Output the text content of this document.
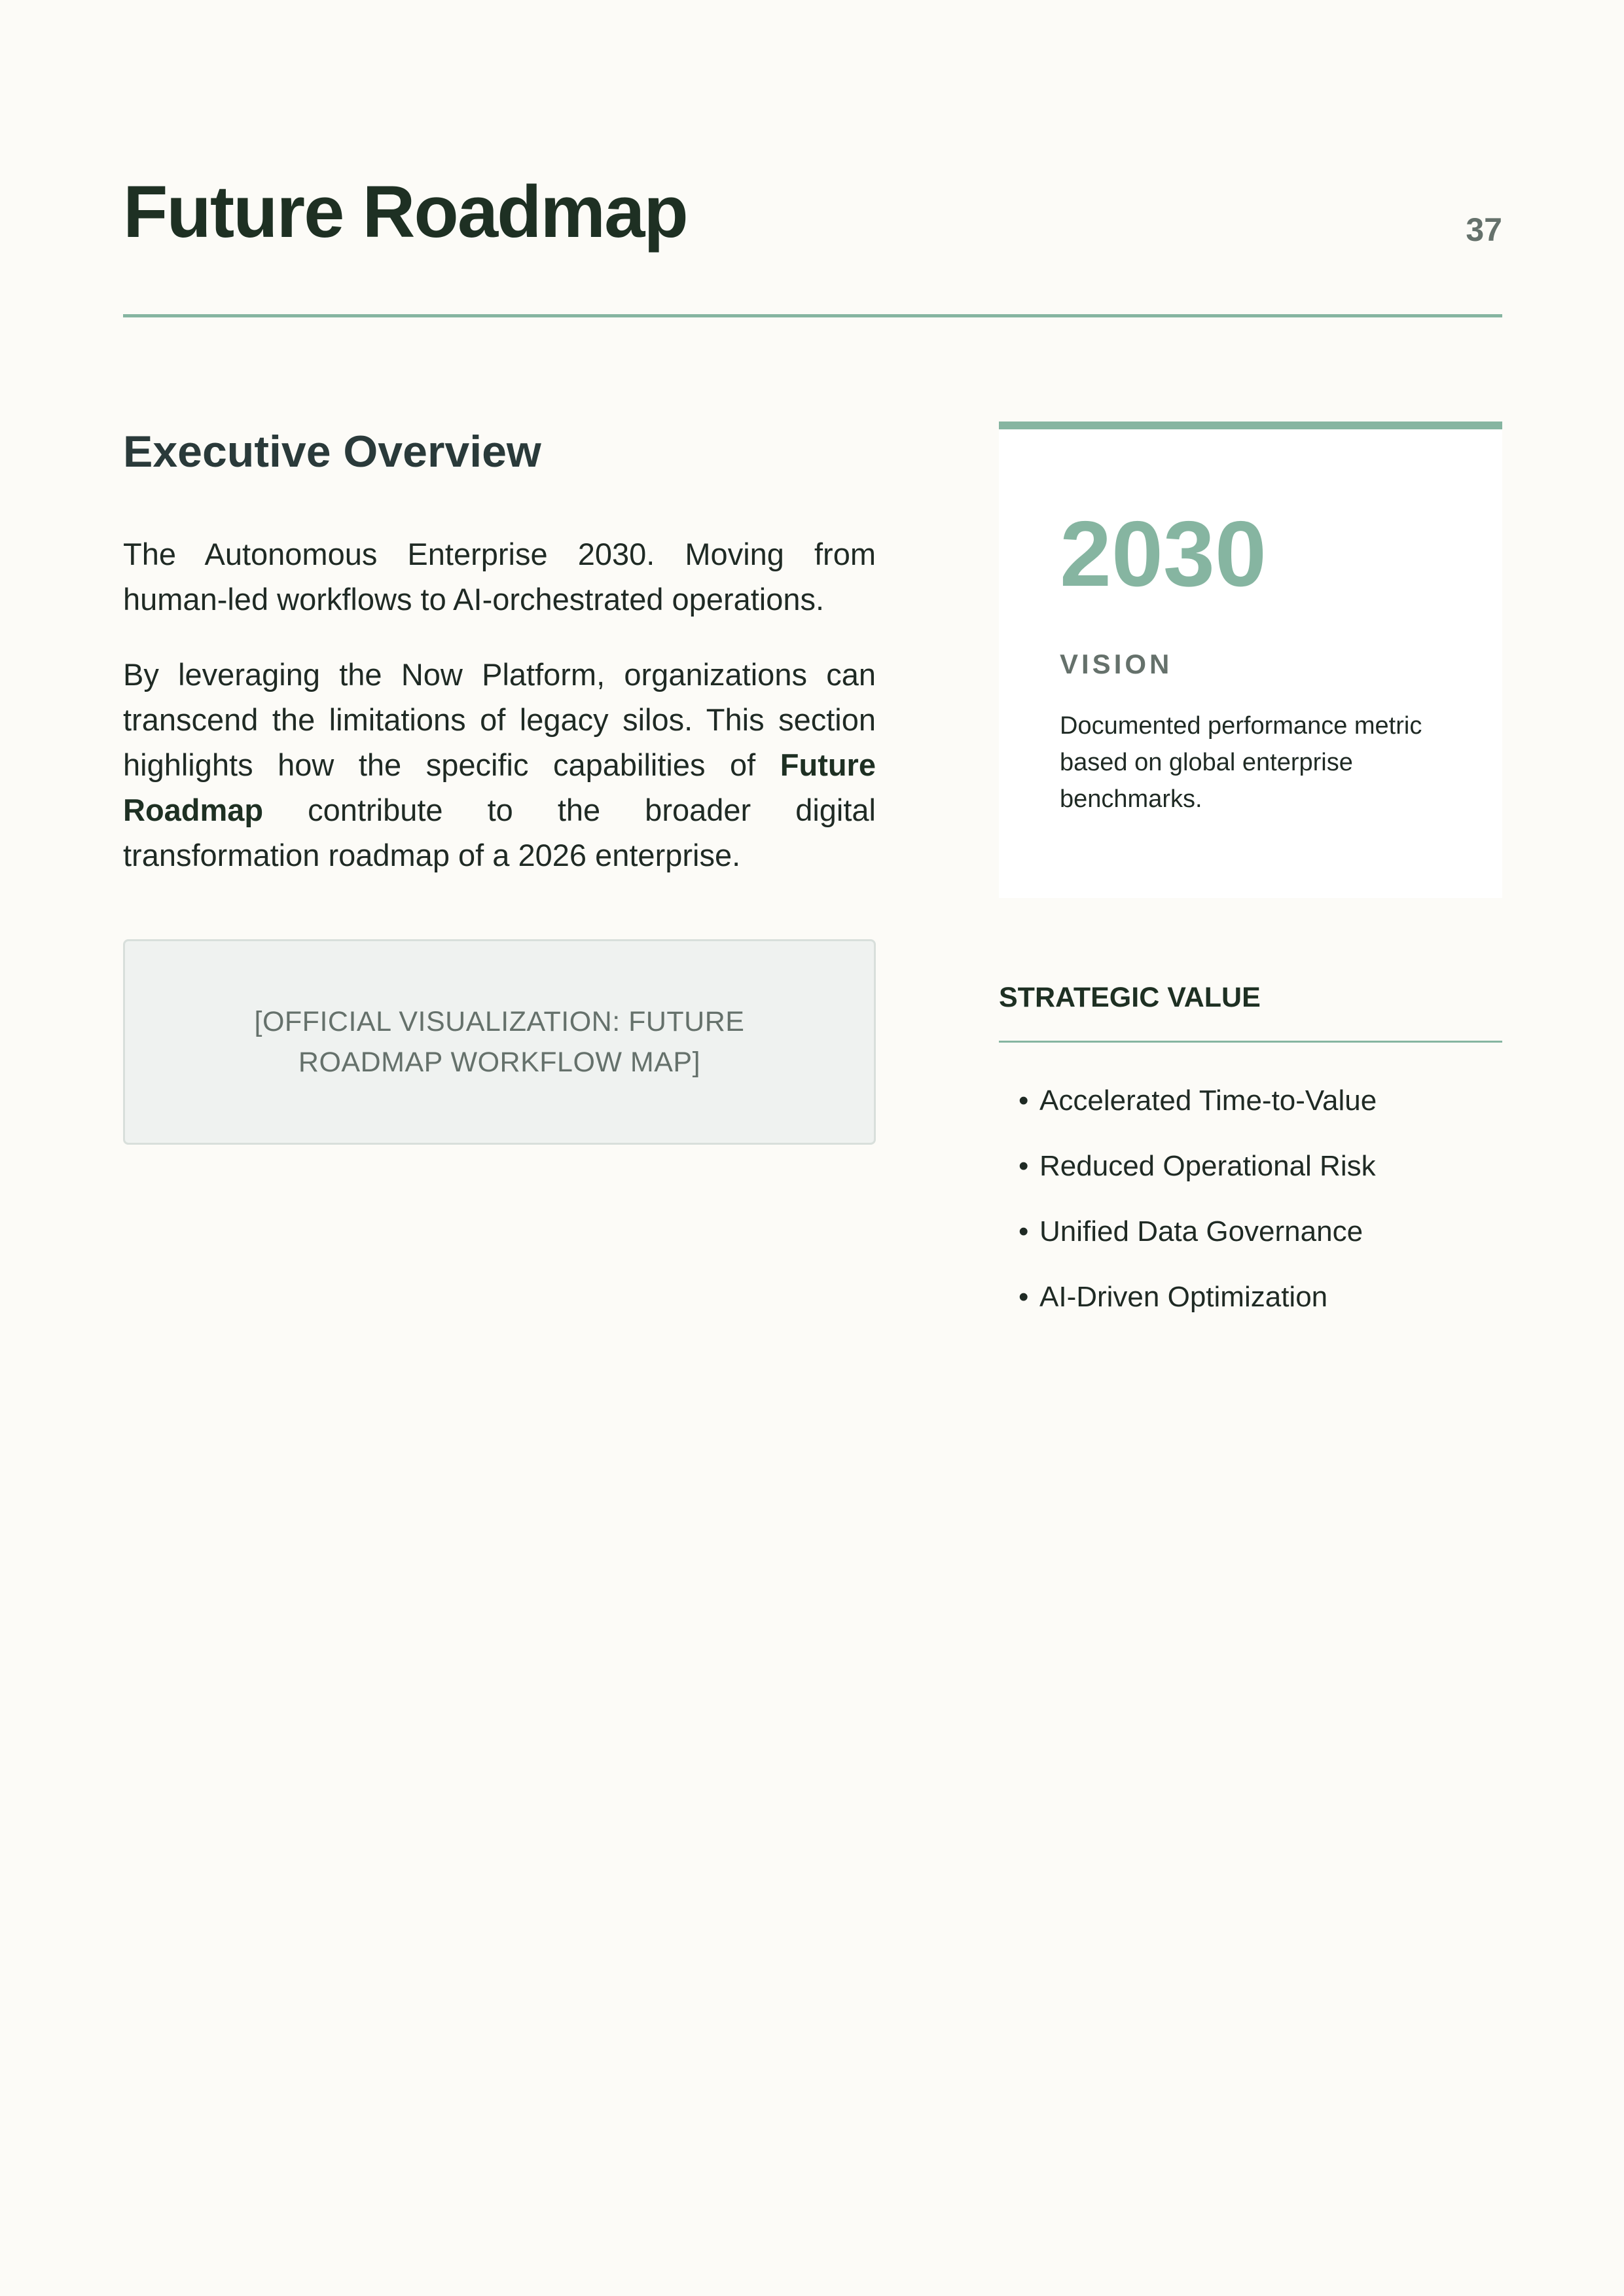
Future Roadmap	37
Executive Overview

The Autonomous Enterprise 2030. Moving from human-led workflows to AI-orchestrated operations.

By leveraging the Now Platform, organizations can transcend the limitations of legacy silos. This section highlights how the specific capabilities of Future Roadmap contribute to the broader digital transformation roadmap of a 2026 enterprise.

[OFFICIAL VISUALIZATION: FUTURE ROADMAP WORKFLOW MAP]
2030
VISION
Documented performance metric based on global enterprise benchmarks.
STRATEGIC VALUE
• Accelerated Time-to-Value
• Reduced Operational Risk
• Unified Data Governance
• AI-Driven Optimization
